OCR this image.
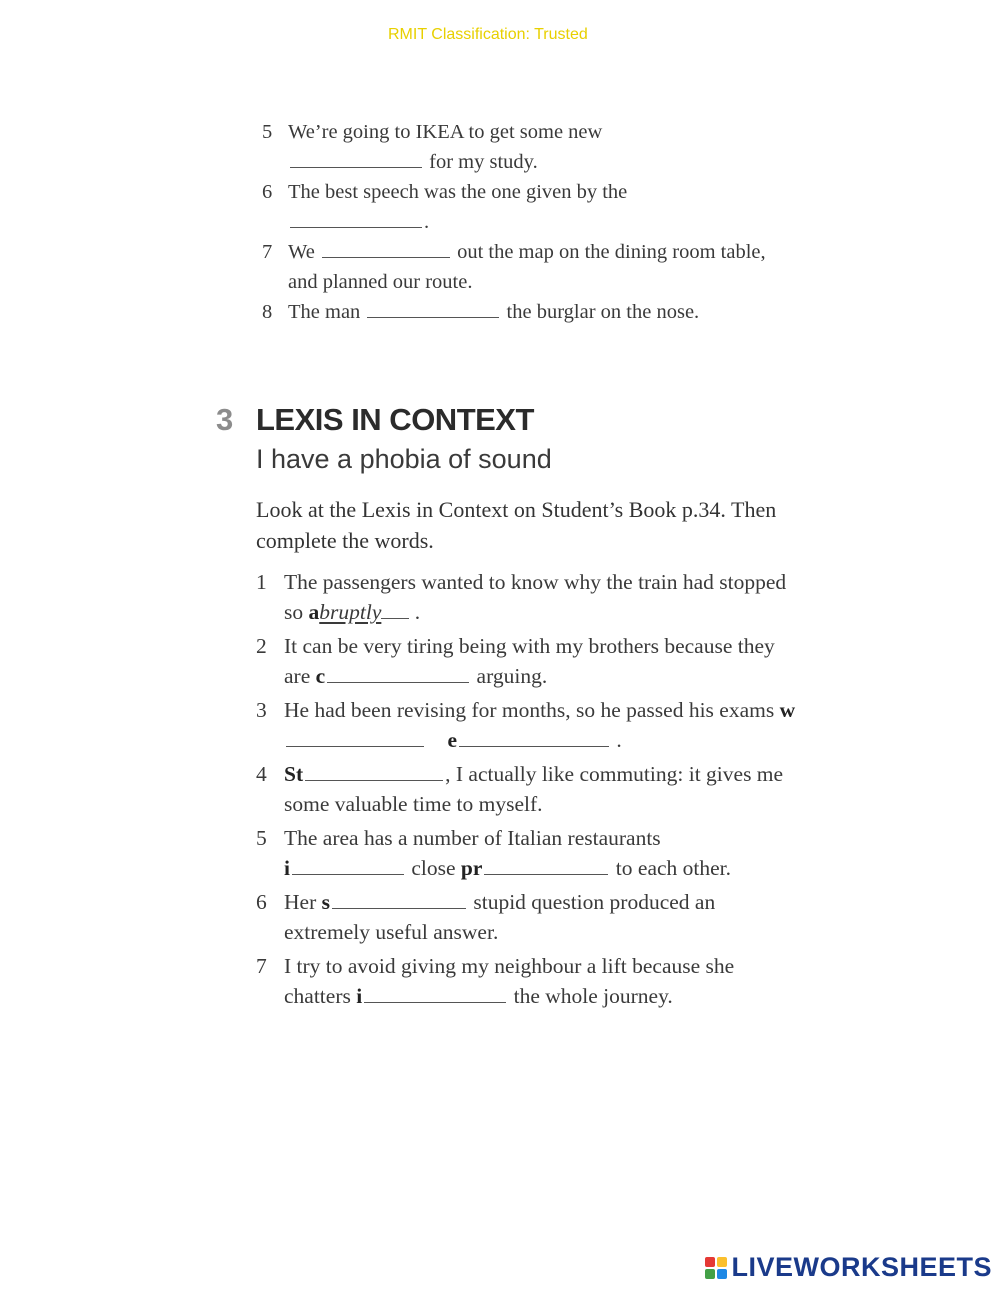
RMIT Classification: Trusted
5 We’re going to IKEA to get some new
for my study.
6 The best speech was the one given by the
.
7 We	out the map on the dining room table, and planned our route.
8 The man	the burglar on the nose.
3 LEXIS IN CONTEXT
I have a phobia of sound
Look at the Lexis in Context on Student’s Book p.34. Then complete the words.
1 The passengers wanted to know why the train had stopped so abruptly .
2 It can be very tiring being with my brothers because they are c	arguing.
3 He had been revising for months, so he passed his exams w    e	.
4 St	, I actually like commuting: it gives me some valuable time to myself.
5 The area has a number of Italian restaurants
i	close pr	to each other.
6 Her s	stupid question produced an extremely useful answer.
7 I try to avoid giving my neighbour a lift because she chatters i	the whole journey.
LIVEWORKSHEETS
